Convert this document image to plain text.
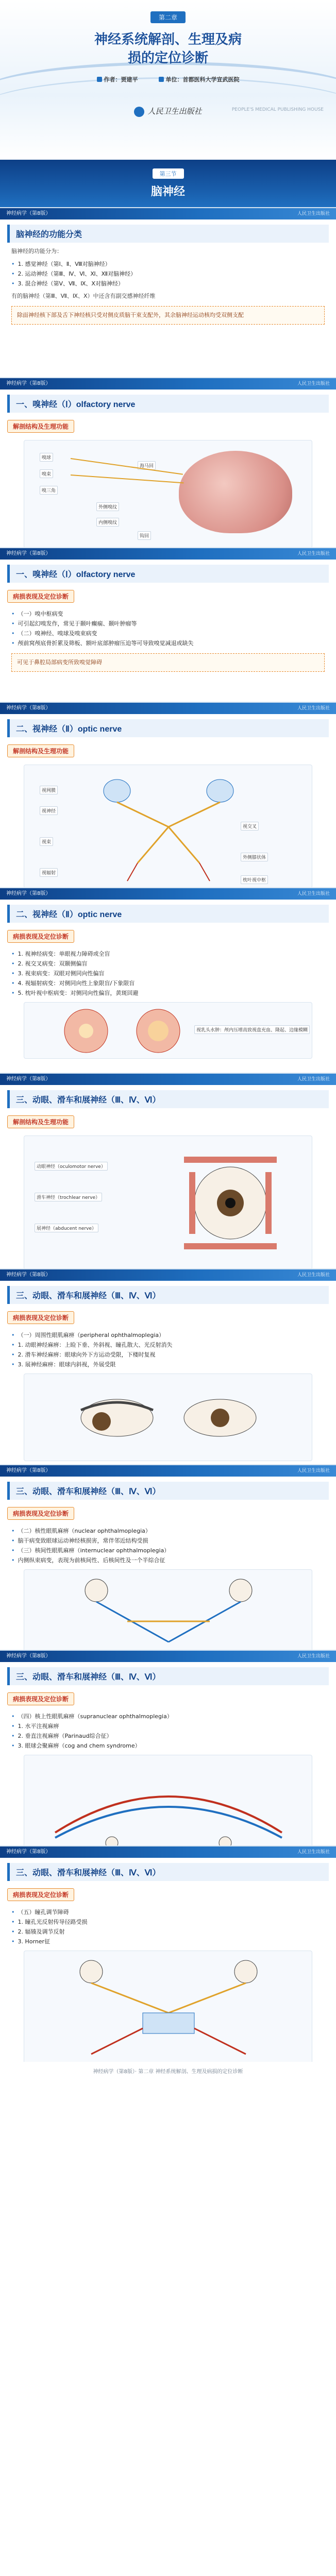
第二章
神经系统解剖、生理及病
损的定位诊断
作者：贾建平	单位：首都医科大学宣武医院
人民卫生出版社	PEOPLE'S MEDICAL PUBLISHING HOUSE
第三节
脑神经
神经病学（第8版）	人民卫生出版社
脑神经的功能分类
脑神经的功能分为：
• 1. 感觉神经（第Ⅰ、Ⅱ、Ⅷ对脑神经）
• 2. 运动神经（第Ⅲ、Ⅳ、Ⅵ、Ⅺ、Ⅻ对脑神经）
• 3. 混合神经（第Ⅴ、Ⅶ、Ⅸ、Ⅹ对脑神经）
有的脑神经（第Ⅲ、Ⅶ、Ⅸ、Ⅹ）中还含有副交感神经纤维
除面神经核下部及舌下神经核只受对侧皮质脑干束支配外，其余脑神经运动核均受双侧支配
神经病学（第8版）	人民卫生出版社
一、嗅神经（Ⅰ）olfactory nerve
解剖结构及生理功能
嗅球
嗅束
嗅三角
外侧嗅纹
内侧嗅纹
海马回
钩回
神经病学（第8版）	人民卫生出版社
一、嗅神经（Ⅰ）olfactory nerve
病损表现及定位诊断
• （一）嗅中枢病变
• 可引起幻嗅发作，常见于颞叶癫痫、颞叶肿瘤等
• （二）嗅神经、嗅球及嗅束病变
• 颅前窝颅底骨折累及筛板、额叶底部肿瘤压迫等可导致嗅觉减退或缺失
可见于鼻腔局部病变所致嗅觉障碍
神经病学（第8版）	人民卫生出版社
二、视神经（Ⅱ）optic nerve
解剖结构及生理功能
视网膜
视神经
视交叉
视束
外侧膝状体
视辐射
枕叶视中枢
神经病学（第8版）	人民卫生出版社
二、视神经（Ⅱ）optic nerve
病损表现及定位诊断
• 1. 视神经病变：单眼视力障碍或全盲
• 2. 视交叉病变：双颞侧偏盲
• 3. 视束病变：双眼对侧同向性偏盲
• 4. 视辐射病变：对侧同向性上象限盲/下象限盲
• 5. 枕叶视中枢病变：对侧同向性偏盲，黄斑回避
视乳头水肿：颅内压增高致视盘充血、隆起、边缘模糊
神经病学（第8版）	人民卫生出版社
三、动眼、滑车和展神经（Ⅲ、Ⅳ、Ⅵ）
解剖结构及生理功能
动眼神经（oculomotor nerve）
滑车神经（trochlear nerve）
展神经（abducent nerve）
神经病学（第8版）	人民卫生出版社
三、动眼、滑车和展神经（Ⅲ、Ⅳ、Ⅵ）
病损表现及定位诊断
• （一）周围性眼肌麻痹（peripheral ophthalmoplegia）
• 1. 动眼神经麻痹：上睑下垂、外斜视、瞳孔散大、光反射消失
• 2. 滑车神经麻痹：眼球向外下方运动受限，下楼时复视
• 3. 展神经麻痹：眼球内斜视，外展受限
神经病学（第8版）	人民卫生出版社
三、动眼、滑车和展神经（Ⅲ、Ⅳ、Ⅵ）
病损表现及定位诊断
• （二）核性眼肌麻痹（nuclear ophthalmoplegia）
• 脑干病变致眼球运动神经核损害，常伴邻近结构受损
• （三）核间性眼肌麻痹（internuclear ophthalmoplegia）
• 内侧纵束病变，表现为前核间性、后核间性及一个半综合征
神经病学（第8版）	人民卫生出版社
三、动眼、滑车和展神经（Ⅲ、Ⅳ、Ⅵ）
病损表现及定位诊断
• （四）核上性眼肌麻痹（supranuclear ophthalmoplegia）
• 1. 水平注视麻痹
• 2. 垂直注视麻痹（Parinaud综合征）
• 3. 眼球会聚麻痹（cog and chem syndrome）
神经病学（第8版）	人民卫生出版社
三、动眼、滑车和展神经（Ⅲ、Ⅳ、Ⅵ）
病损表现及定位诊断
• （五）瞳孔调节障碍
• 1. 瞳孔光反射传导径路受损
• 2. 辐辏及调节反射
• 3. Horner征
神经病学（第8版）· 第二章 神经系统解剖、生理及病损的定位诊断
